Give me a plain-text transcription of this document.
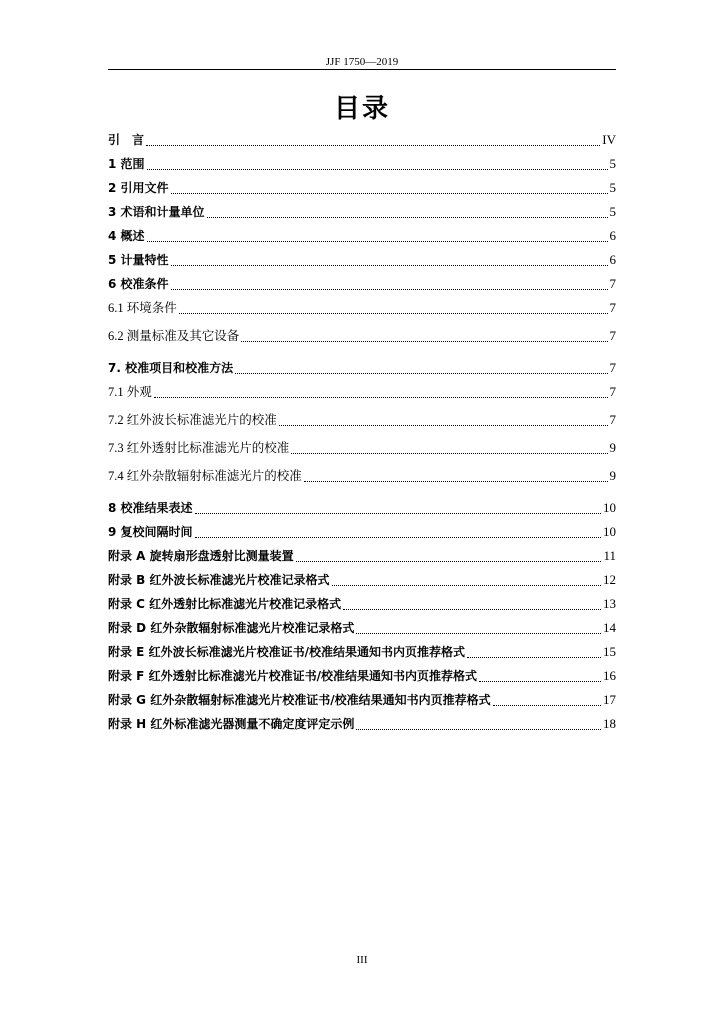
JJF 1750—2019
目录
引　言	IV
1 范围	5
2 引用文件	5
3 术语和计量单位	5
4 概述	6
5 计量特性	6
6 校准条件	7
6.1 环境条件	7
6.2 测量标准及其它设备	7
7. 校准项目和校准方法	7
7.1 外观	7
7.2 红外波长标准滤光片的校准	7
7.3 红外透射比标准滤光片的校准	9
7.4 红外杂散辐射标准滤光片的校准	9
8 校准结果表述	10
9 复校间隔时间	10
附录 A 旋转扇形盘透射比测量装置	11
附录 B 红外波长标准滤光片校准记录格式	12
附录 C 红外透射比标准滤光片校准记录格式	13
附录 D 红外杂散辐射标准滤光片校准记录格式	14
附录 E 红外波长标准滤光片校准证书/校准结果通知书内页推荐格式	15
附录 F 红外透射比标准滤光片校准证书/校准结果通知书内页推荐格式	16
附录 G 红外杂散辐射标准滤光片校准证书/校准结果通知书内页推荐格式	17
附录 H 红外标准滤光器测量不确定度评定示例	18
III
